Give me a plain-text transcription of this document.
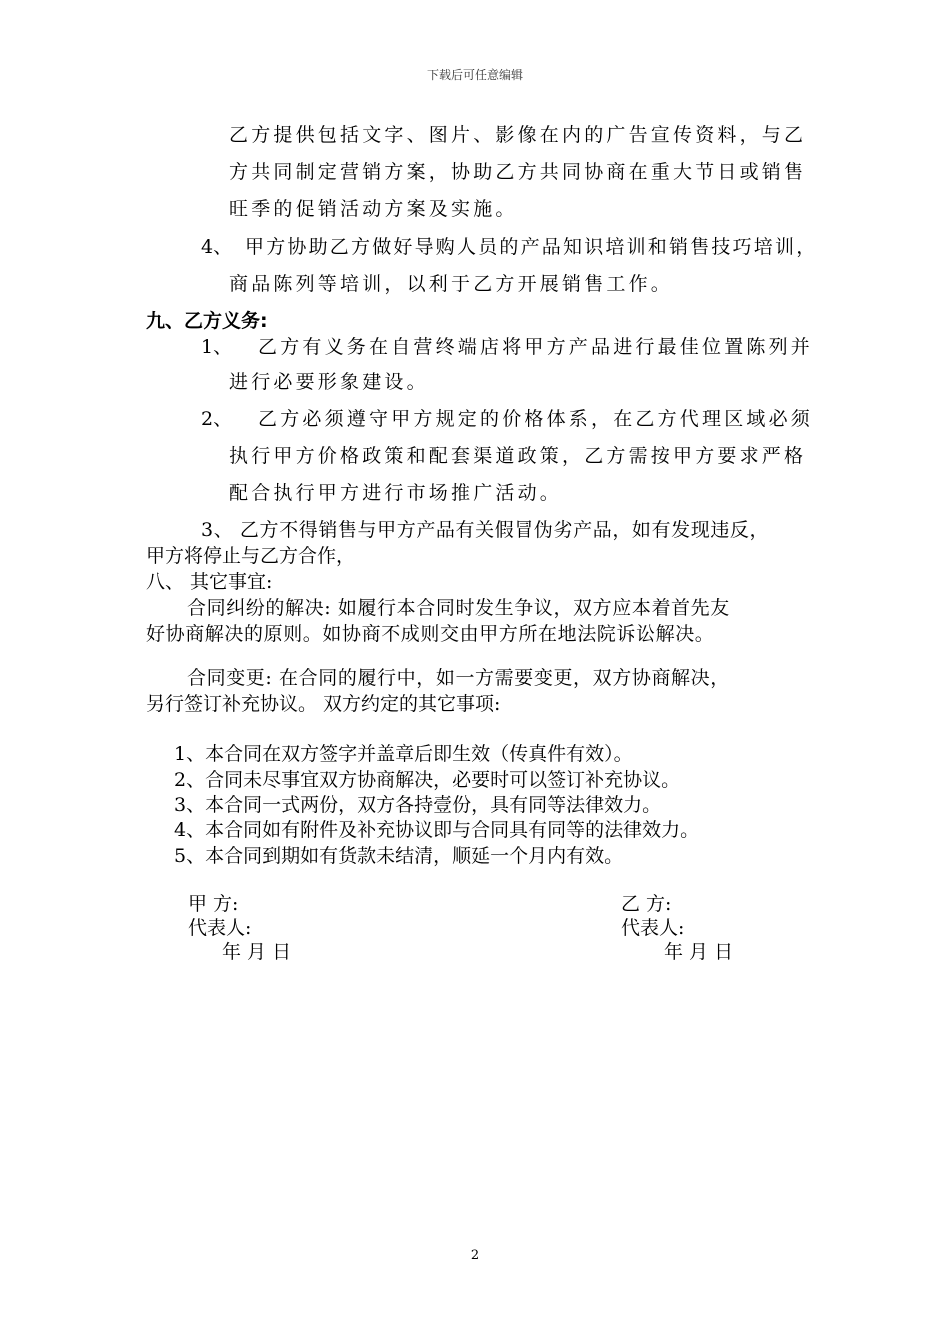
下载后可任意编辑
乙方提供包括文字、图片、影像在内的广告宣传资料，与乙
方共同制定营销方案，协助乙方共同协商在重大节日或销售
旺季的促销活动方案及实施。
4、 甲方协助乙方做好导购人员的产品知识培训和销售技巧培训，
商品陈列等培训，以利于乙方开展销售工作。
九、乙方义务:
1、 乙方有义务在自营终端店将甲方产品进行最佳位置陈列并
进行必要形象建设。
2、 乙方必须遵守甲方规定的价格体系，在乙方代理区域必须
执行甲方价格政策和配套渠道政策，乙方需按甲方要求严格
配合执行甲方进行市场推广活动。
3、 乙方不得销售与甲方产品有关假冒伪劣产品，如有发现违反，
甲方将停止与乙方合作，
八、 其它事宜:
合同纠纷的解决: 如履行本合同时发生争议，双方应本着首先友
好协商解决的原则。如协商不成则交由甲方所在地法院诉讼解决。
合同变更: 在合同的履行中，如一方需要变更，双方协商解决，
另行签订补充协议。 双方约定的其它事项:
1、本合同在双方签字并盖章后即生效（传真件有效）。
2、合同未尽事宜双方协商解决，必要时可以签订补充协议。
3、本合同一式两份，双方各持壹份，具有同等法律效力。
4、本合同如有附件及补充协议即与合同具有同等的法律效力。
5、本合同到期如有货款未结清，顺延一个月内有效。
甲 方:
代表人:
年 月 日
乙 方:
代表人:
年 月 日
2
